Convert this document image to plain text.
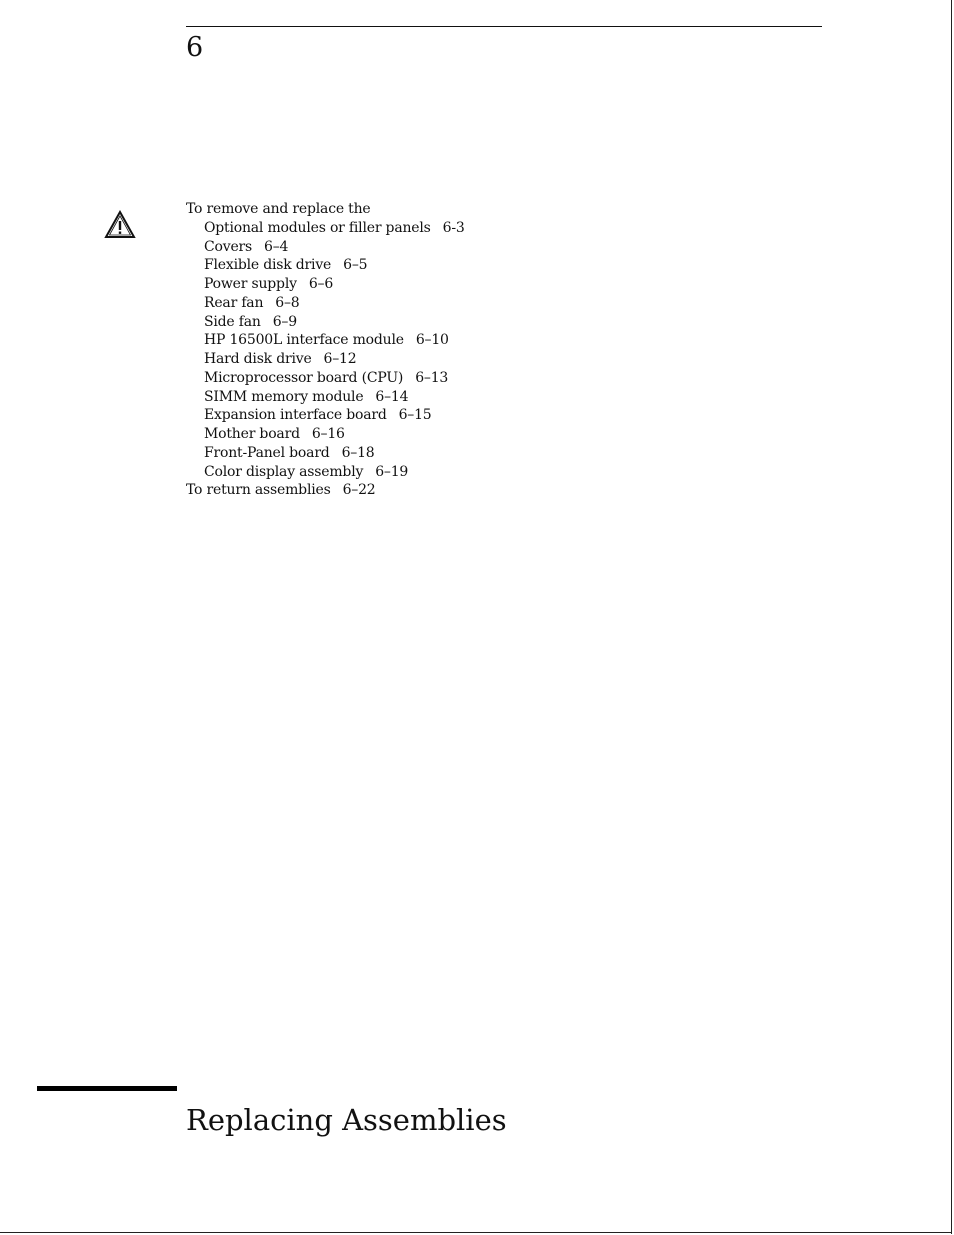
6
To remove and replace the
Optional modules or filler panels 6-3
Covers 6–4
Flexible disk drive 6–5
Power supply 6–6
Rear fan 6–8
Side fan 6–9
HP 16500L interface module 6–10
Hard disk drive 6–12
Microprocessor board (CPU) 6–13
SIMM memory module 6–14
Expansion interface board 6–15
Mother board 6–16
Front-Panel board 6–18
Color display assembly 6–19
To return assemblies 6–22
Replacing Assemblies
